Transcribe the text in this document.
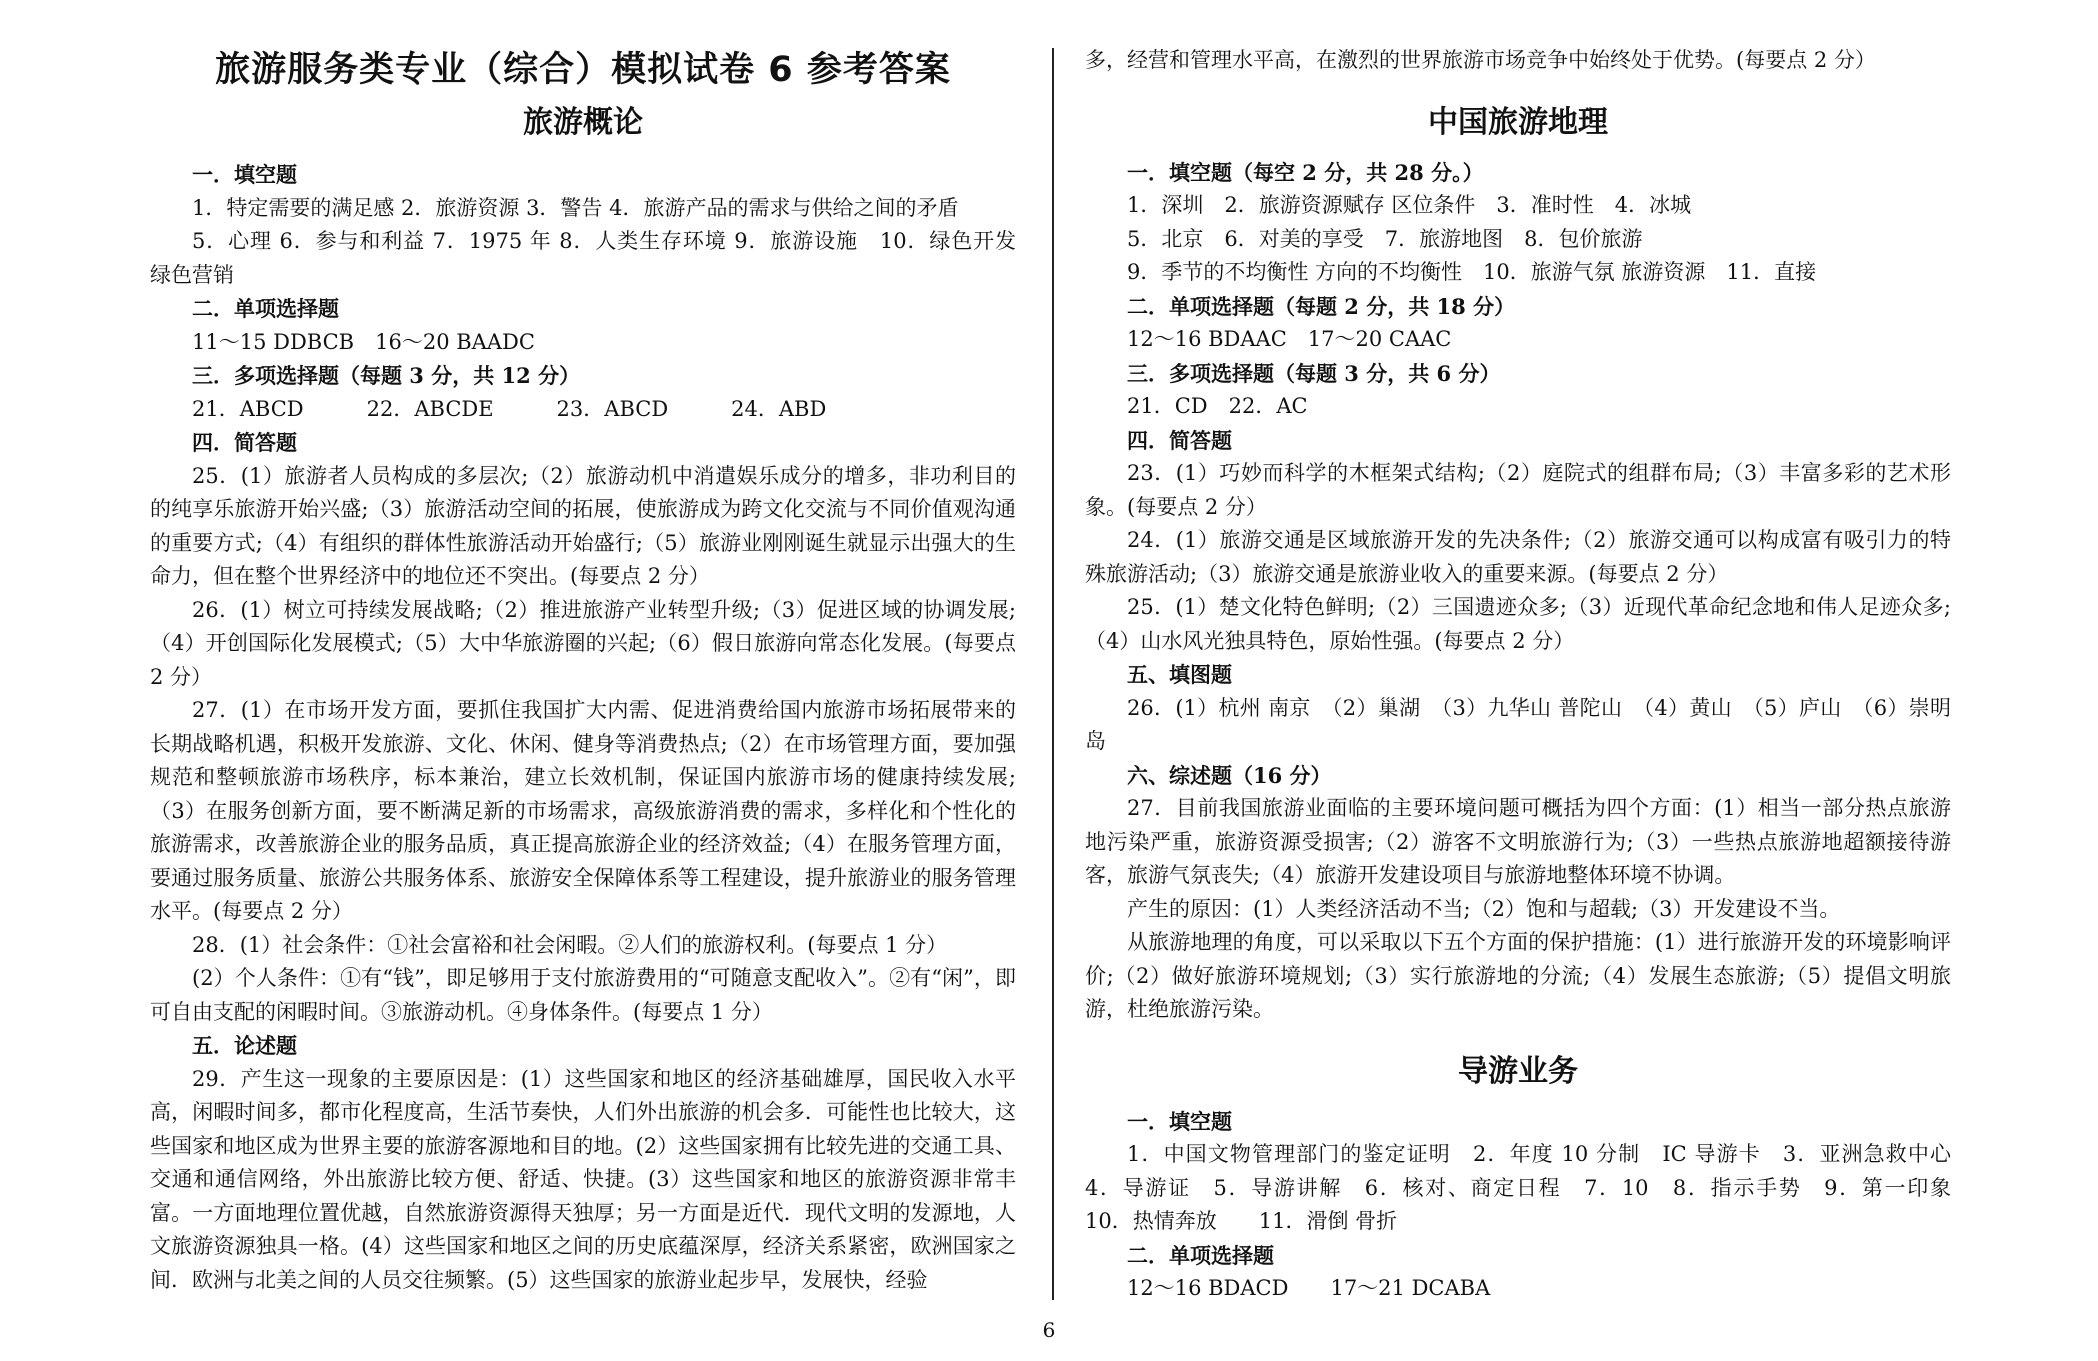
旅游服务类专业（综合）模拟试卷 6 参考答案
旅游概论

一．填空题

1．特定需要的满足感 2．旅游资源 3．警告 4．旅游产品的需求与供给之间的矛盾

5．心理 6．参与和利益 7．1975 年 8．人类生存环境 9．旅游设施　10．绿色开发　绿色营销

二．单项选择题

11～15 DDBCB　16～20 BAADC

三．多项选择题（每题 3 分，共 12 分）

21．ABCD　　　22．ABCDE　　　23．ABCD　　　24．ABD

四．简答题

25．(1）旅游者人员构成的多层次;（2）旅游动机中消遣娱乐成分的增多，非功利目的的纯享乐旅游开始兴盛;（3）旅游活动空间的拓展，使旅游成为跨文化交流与不同价值观沟通的重要方式;（4）有组织的群体性旅游活动开始盛行;（5）旅游业刚刚诞生就显示出强大的生命力，但在整个世界经济中的地位还不突出。(每要点 2 分）

26．(1）树立可持续发展战略;（2）推进旅游产业转型升级;（3）促进区域的协调发展;（4）开创国际化发展模式;（5）大中华旅游圈的兴起;（6）假日旅游向常态化发展。(每要点 2 分）

27．(1）在市场开发方面，要抓住我国扩大内需、促进消费给国内旅游市场拓展带来的长期战略机遇，积极开发旅游、文化、休闲、健身等消费热点;（2）在市场管理方面，要加强规范和整顿旅游市场秩序，标本兼治，建立长效机制，保证国内旅游市场的健康持续发展;（3）在服务创新方面，要不断满足新的市场需求，高级旅游消费的需求，多样化和个性化的旅游需求，改善旅游企业的服务品质，真正提高旅游企业的经济效益;（4）在服务管理方面，要通过服务质量、旅游公共服务体系、旅游安全保障体系等工程建设，提升旅游业的服务管理水平。(每要点 2 分）

28．(1）社会条件：①社会富裕和社会闲暇。②人们的旅游权利。(每要点 1 分）

(2）个人条件：①有“钱”，即足够用于支付旅游费用的“可随意支配收入”。②有“闲”，即可自由支配的闲暇时间。③旅游动机。④身体条件。(每要点 1 分）

五．论述题

29．产生这一现象的主要原因是：(1）这些国家和地区的经济基础雄厚，国民收入水平高，闲暇时间多，都市化程度高，生活节奏快，人们外出旅游的机会多．可能性也比较大，这些国家和地区成为世界主要的旅游客源地和目的地。(2）这些国家拥有比较先进的交通工具、交通和通信网络，外出旅游比较方便、舒适、快捷。(3）这些国家和地区的旅游资源非常丰富。一方面地理位置优越，自然旅游资源得天独厚；另一方面是近代．现代文明的发源地，人文旅游资源独具一格。(4）这些国家和地区之间的历史底蕴深厚，经济关系紧密，欧洲国家之间．欧洲与北美之间的人员交往频繁。(5）这些国家的旅游业起步早，发展快，经验

多，经营和管理水平高，在激烈的世界旅游市场竞争中始终处于优势。(每要点 2 分）

中国旅游地理

一．填空题（每空 2 分，共 28 分。）

1．深圳　2．旅游资源赋存 区位条件　3．准时性　4．冰城

5．北京　6．对美的享受　7．旅游地图　8．包价旅游

9．季节的不均衡性 方向的不均衡性　10．旅游气氛 旅游资源　11．直接

二．单项选择题（每题 2 分，共 18 分）

12～16 BDAAC　17～20 CAAC

三．多项选择题（每题 3 分，共 6 分）

21．CD　22．AC

四．简答题

23．(1）巧妙而科学的木框架式结构;（2）庭院式的组群布局;（3）丰富多彩的艺术形象。(每要点 2 分）

24．(1）旅游交通是区域旅游开发的先决条件;（2）旅游交通可以构成富有吸引力的特殊旅游活动;（3）旅游交通是旅游业收入的重要来源。(每要点 2 分）

25．(1）楚文化特色鲜明;（2）三国遗迹众多;（3）近现代革命纪念地和伟人足迹众多;（4）山水风光独具特色，原始性强。(每要点 2 分）

五、填图题

26．(1）杭州 南京　（2）巢湖　（3）九华山 普陀山　（4）黄山　（5）庐山　（6）崇明岛

六、综述题（16 分）

27．目前我国旅游业面临的主要环境问题可概括为四个方面：(1）相当一部分热点旅游地污染严重，旅游资源受损害;（2）游客不文明旅游行为;（3）一些热点旅游地超额接待游客，旅游气氛丧失;（4）旅游开发建设项目与旅游地整体环境不协调。

产生的原因：(1）人类经济活动不当;（2）饱和与超载;（3）开发建设不当。

从旅游地理的角度，可以采取以下五个方面的保护措施：(1）进行旅游开发的环境影响评价;（2）做好旅游环境规划;（3）实行旅游地的分流;（4）发展生态旅游;（5）提倡文明旅游，杜绝旅游污染。

导游业务

一．填空题

1．中国文物管理部门的鉴定证明　2．年度 10 分制　IC 导游卡　3．亚洲急救中心　4．导游证　5．导游讲解　6．核对、商定日程　7．10　8．指示手势　9．第一印象　10．热情奔放　　11．滑倒 骨折

二．单项选择题

12～16 BDACD　　17～21 DCABA

6
